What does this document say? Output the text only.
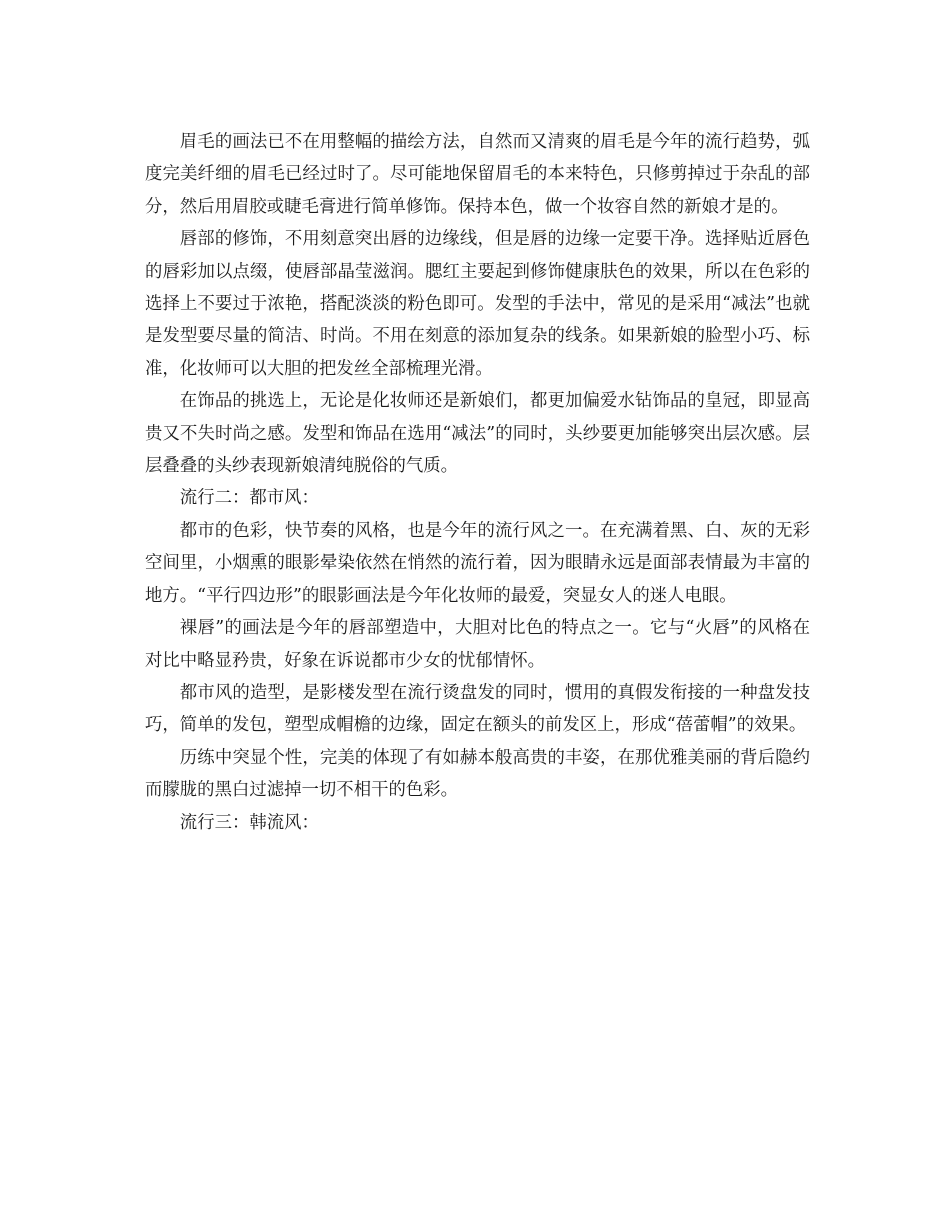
眉毛的画法已不在用整幅的描绘方法，自然而又清爽的眉毛是今年的流行趋势，弧度完美纤细的眉毛已经过时了。尽可能地保留眉毛的本来特色，只修剪掉过于杂乱的部分，然后用眉胶或睫毛膏进行简单修饰。保持本色，做一个妆容自然的新娘才是的。

唇部的修饰，不用刻意突出唇的边缘线，但是唇的边缘一定要干净。选择贴近唇色的唇彩加以点缀，使唇部晶莹滋润。腮红主要起到修饰健康肤色的效果，所以在色彩的选择上不要过于浓艳，搭配淡淡的粉色即可。发型的手法中，常见的是采用“减法”也就是发型要尽量的简洁、时尚。不用在刻意的添加复杂的线条。如果新娘的脸型小巧、标准，化妆师可以大胆的把发丝全部梳理光滑。

在饰品的挑选上，无论是化妆师还是新娘们，都更加偏爱水钻饰品的皇冠，即显高贵又不失时尚之感。发型和饰品在选用“减法”的同时，头纱要更加能够突出层次感。层层叠叠的头纱表现新娘清纯脱俗的气质。

流行二：都市风：

都市的色彩，快节奏的风格，也是今年的流行风之一。在充满着黑、白、灰的无彩空间里，小烟熏的眼影晕染依然在悄然的流行着，因为眼睛永远是面部表情最为丰富的地方。“平行四边形”的眼影画法是今年化妆师的最爱，突显女人的迷人电眼。

裸唇”的画法是今年的唇部塑造中，大胆对比色的特点之一。它与“火唇”的风格在对比中略显矜贵，好象在诉说都市少女的忧郁情怀。

都市风的造型，是影楼发型在流行烫盘发的同时，惯用的真假发衔接的一种盘发技巧，简单的发包，塑型成帽檐的边缘，固定在额头的前发区上，形成“蓓蕾帽”的效果。

历练中突显个性，完美的体现了有如赫本般高贵的丰姿，在那优雅美丽的背后隐约而朦胧的黑白过滤掉一切不相干的色彩。

流行三：韩流风：
